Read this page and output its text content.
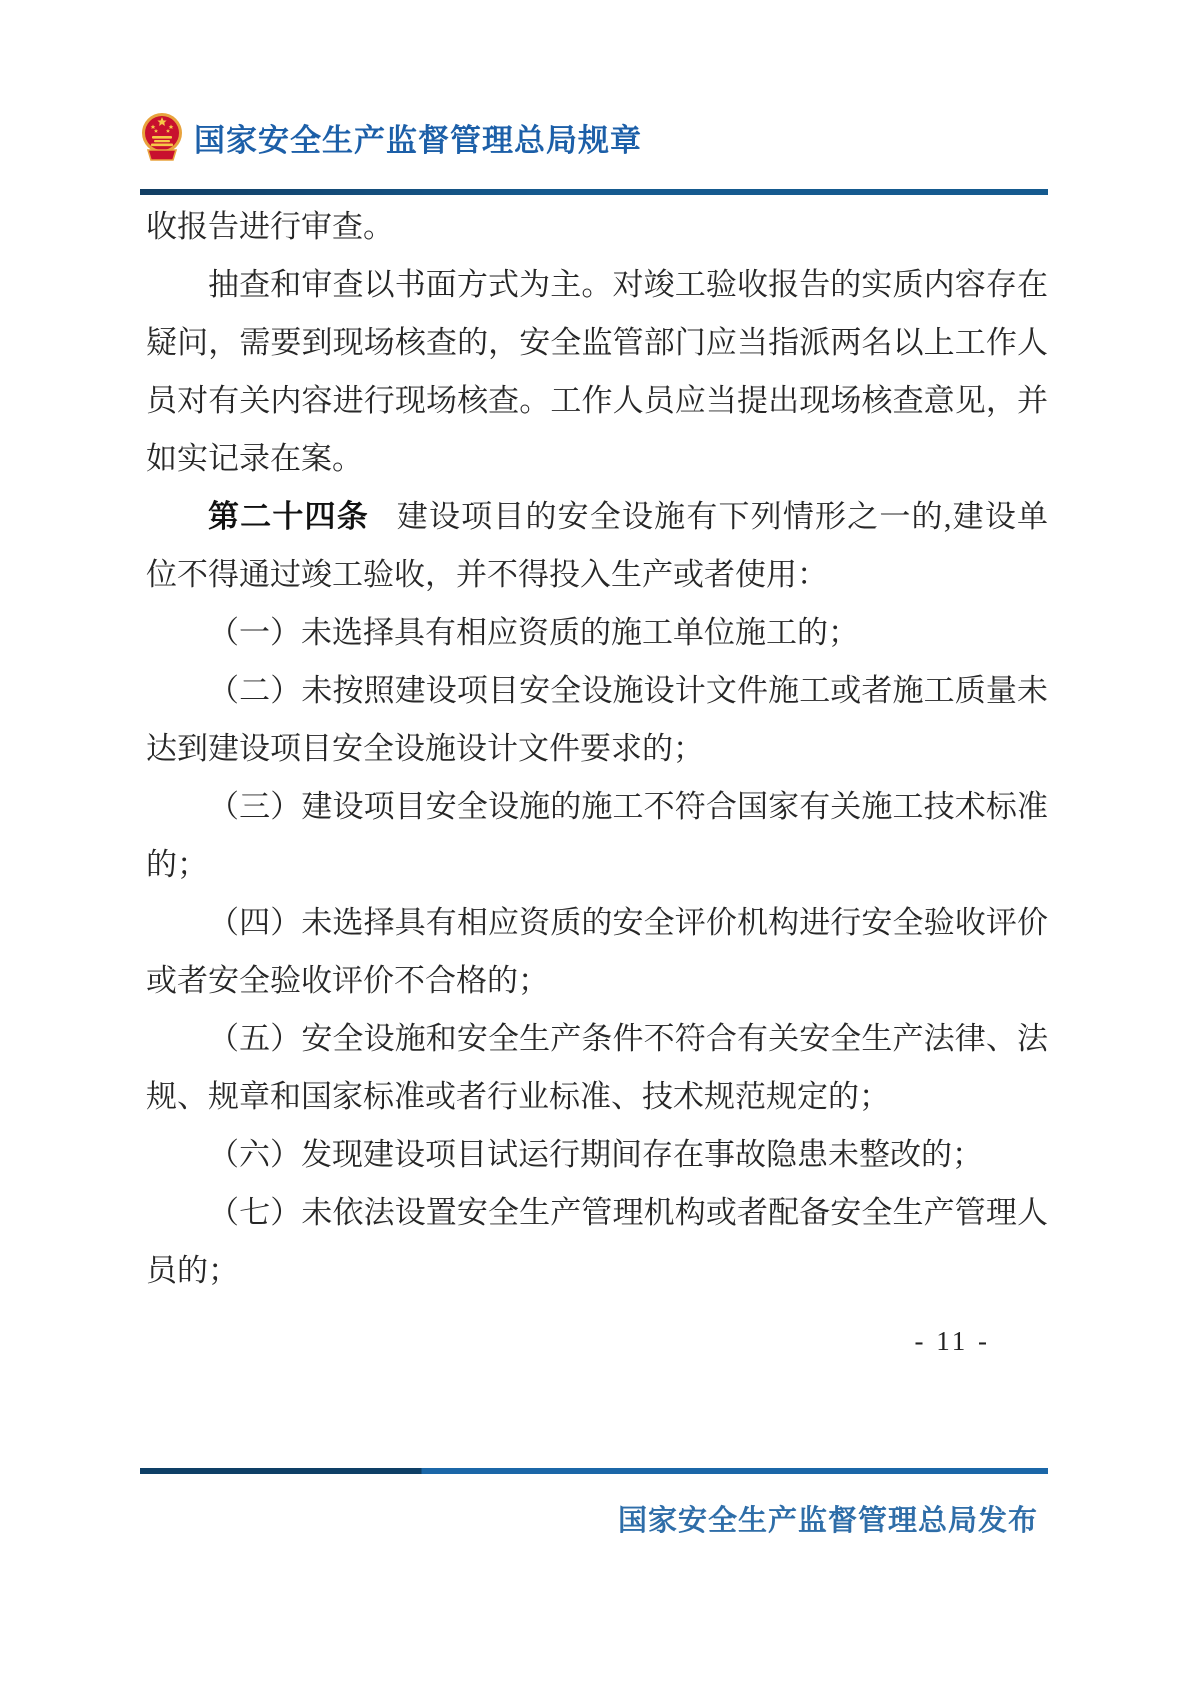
国家安全生产监督管理总局规章

收报告进行审查。

抽查和审查以书面方式为主。对竣工验收报告的实质内容存在疑问，需要到现场核查的，安全监管部门应当指派两名以上工作人员对有关内容进行现场核查。工作人员应当提出现场核查意见，并如实记录在案。

第二十四条 建设项目的安全设施有下列情形之一的,建设单位不得通过竣工验收，并不得投入生产或者使用：

（一）未选择具有相应资质的施工单位施工的；

（二）未按照建设项目安全设施设计文件施工或者施工质量未达到建设项目安全设施设计文件要求的；

（三）建设项目安全设施的施工不符合国家有关施工技术标准的；

（四）未选择具有相应资质的安全评价机构进行安全验收评价或者安全验收评价不合格的；

（五）安全设施和安全生产条件不符合有关安全生产法律、法规、规章和国家标准或者行业标准、技术规范规定的；

（六）发现建设项目试运行期间存在事故隐患未整改的；

（七）未依法设置安全生产管理机构或者配备安全生产管理人员的；

- 11 -
国家安全生产监督管理总局发布
